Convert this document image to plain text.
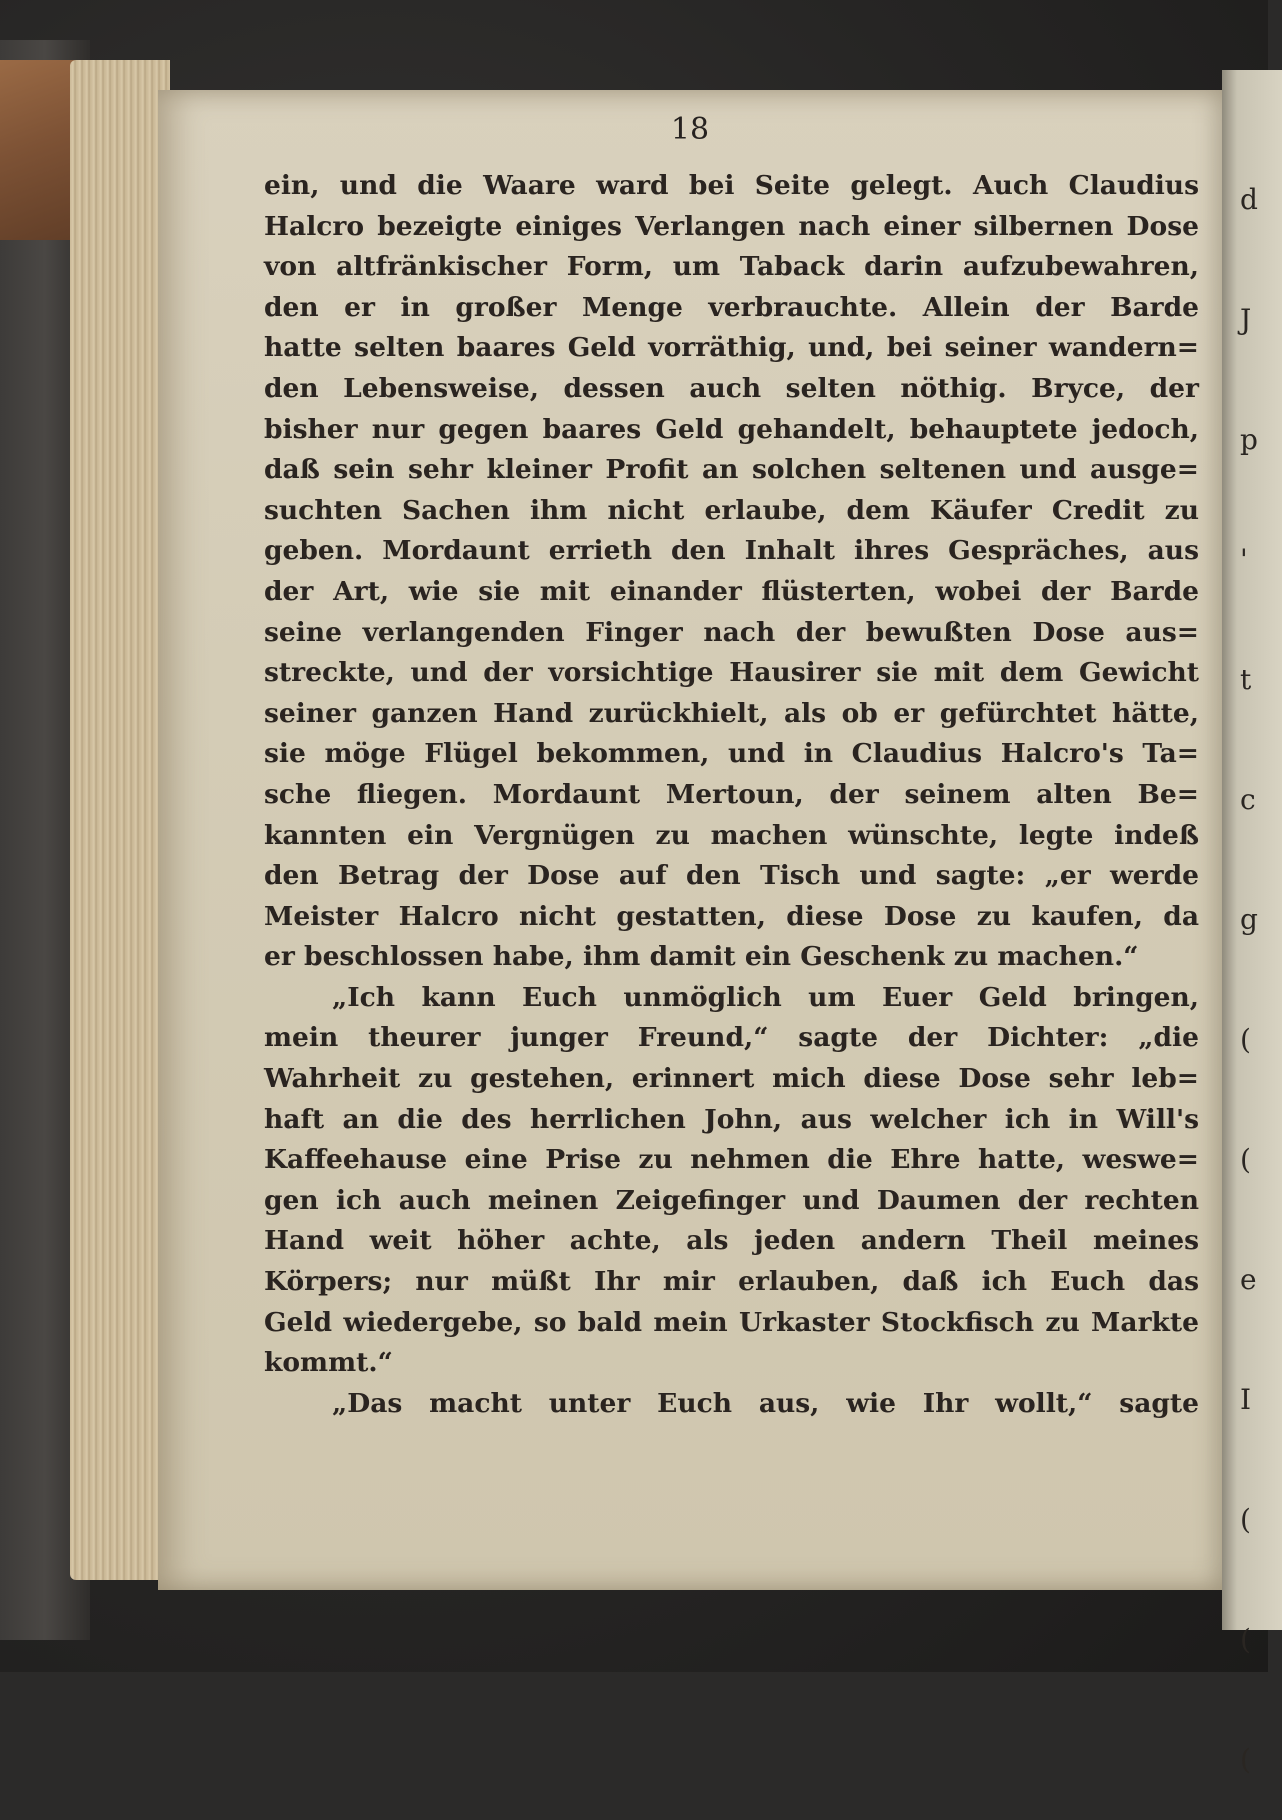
d
J
p
'
t
c
g
(
(
e
I
(
(
(
18
ein, und die Waare ward bei Seite gelegt. Auch Claudius
Halcro bezeigte einiges Verlangen nach einer silbernen Dose
von altfränkischer Form, um Taback darin aufzubewahren,
den er in großer Menge verbrauchte. Allein der Barde
hatte selten baares Geld vorräthig, und, bei seiner wandern=
den Lebensweise, dessen auch selten nöthig. Bryce, der
bisher nur gegen baares Geld gehandelt, behauptete jedoch,
daß sein sehr kleiner Profit an solchen seltenen und ausge=
suchten Sachen ihm nicht erlaube, dem Käufer Credit zu
geben. Mordaunt errieth den Inhalt ihres Gespräches, aus
der Art, wie sie mit einander flüsterten, wobei der Barde
seine verlangenden Finger nach der bewußten Dose aus=
streckte, und der vorsichtige Hausirer sie mit dem Gewicht
seiner ganzen Hand zurückhielt, als ob er gefürchtet hätte,
sie möge Flügel bekommen, und in Claudius Halcro's Ta=
sche fliegen. Mordaunt Mertoun, der seinem alten Be=
kannten ein Vergnügen zu machen wünschte, legte indeß
den Betrag der Dose auf den Tisch und sagte: „er werde
Meister Halcro nicht gestatten, diese Dose zu kaufen, da
er beschlossen habe, ihm damit ein Geschenk zu machen.“
„Ich kann Euch unmöglich um Euer Geld bringen,
mein theurer junger Freund,“ sagte der Dichter: „die
Wahrheit zu gestehen, erinnert mich diese Dose sehr leb=
haft an die des herrlichen John, aus welcher ich in Will's
Kaffeehause eine Prise zu nehmen die Ehre hatte, weswe=
gen ich auch meinen Zeigefinger und Daumen der rechten
Hand weit höher achte, als jeden andern Theil meines
Körpers; nur müßt Ihr mir erlauben, daß ich Euch das
Geld wiedergebe, so bald mein Urkaster Stockfisch zu Markte
kommt.“
„Das macht unter Euch aus, wie Ihr wollt,“ sagte
